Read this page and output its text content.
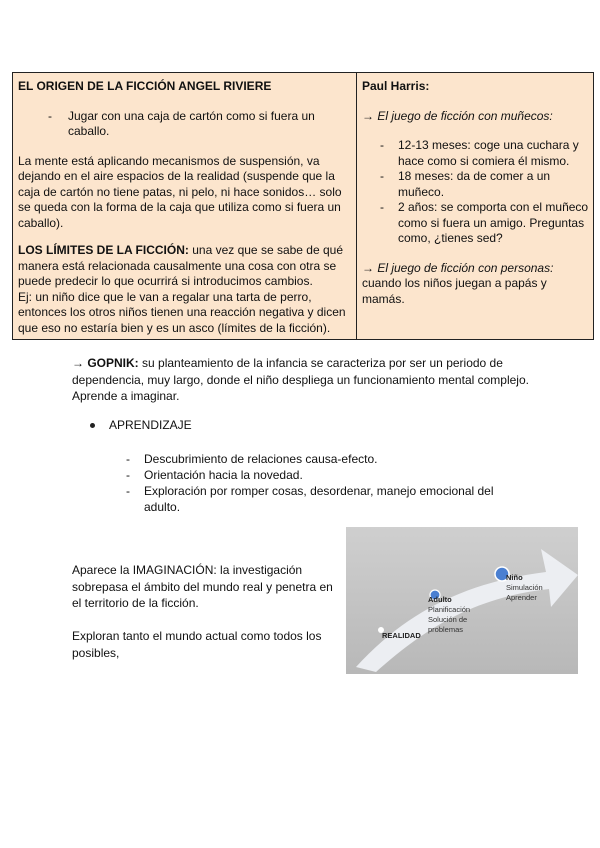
EL ORIGEN DE LA FICCIÓN ANGEL RIVIERE
-	Jugar con una caja de cartón como si fuera un caballo.

La mente está aplicando mecanismos de suspensión, va dejando en el aire espacios de la realidad (suspende que la caja de cartón no tiene patas, ni pelo, ni hace sonidos… solo se queda con la forma de la caja que utiliza como si fuera un caballo).

LOS LÍMITES DE LA FICCIÓN: una vez que se sabe de qué manera está relacionada causalmente una cosa con otra se puede predecir lo que ocurrirá si introducimos cambios.

Ej: un niño dice que le van a regalar una tarta de perro, entonces los otros niños tienen una reacción negativa y dicen que eso no estaría bien y es un asco (límites de la ficción).

Paul Harris:
→ El juego de ficción con muñecos:
-	12-13 meses: coge una cuchara y hace como si comiera él mismo.
-	18 meses: da de comer a un muñeco.
-	2 años: se comporta con el muñeco como si fuera un amigo. Preguntas como, ¿tienes sed?
→ El juego de ficción con personas:
cuando los niños juegan a papás y mamás.
→ GOPNIK: su planteamiento de la infancia se caracteriza por ser un periodo de dependencia, muy largo, donde el niño despliega un funcionamiento mental complejo. Aprende a imaginar.
APRENDIZAJE
-	Descubrimiento de relaciones causa-efecto.
-	Orientación hacia la novedad.
-	Exploración por romper cosas, desordenar, manejo emocional del adulto.
Aparece la IMAGINACIÓN: la investigación sobrepasa el ámbito del mundo real y penetra en el territorio de la ficción.
Exploran tanto el mundo actual como todos los posibles,
REALIDAD
Adulto
Planificación
Solución de
problemas
Niño
Simulación
Aprender
